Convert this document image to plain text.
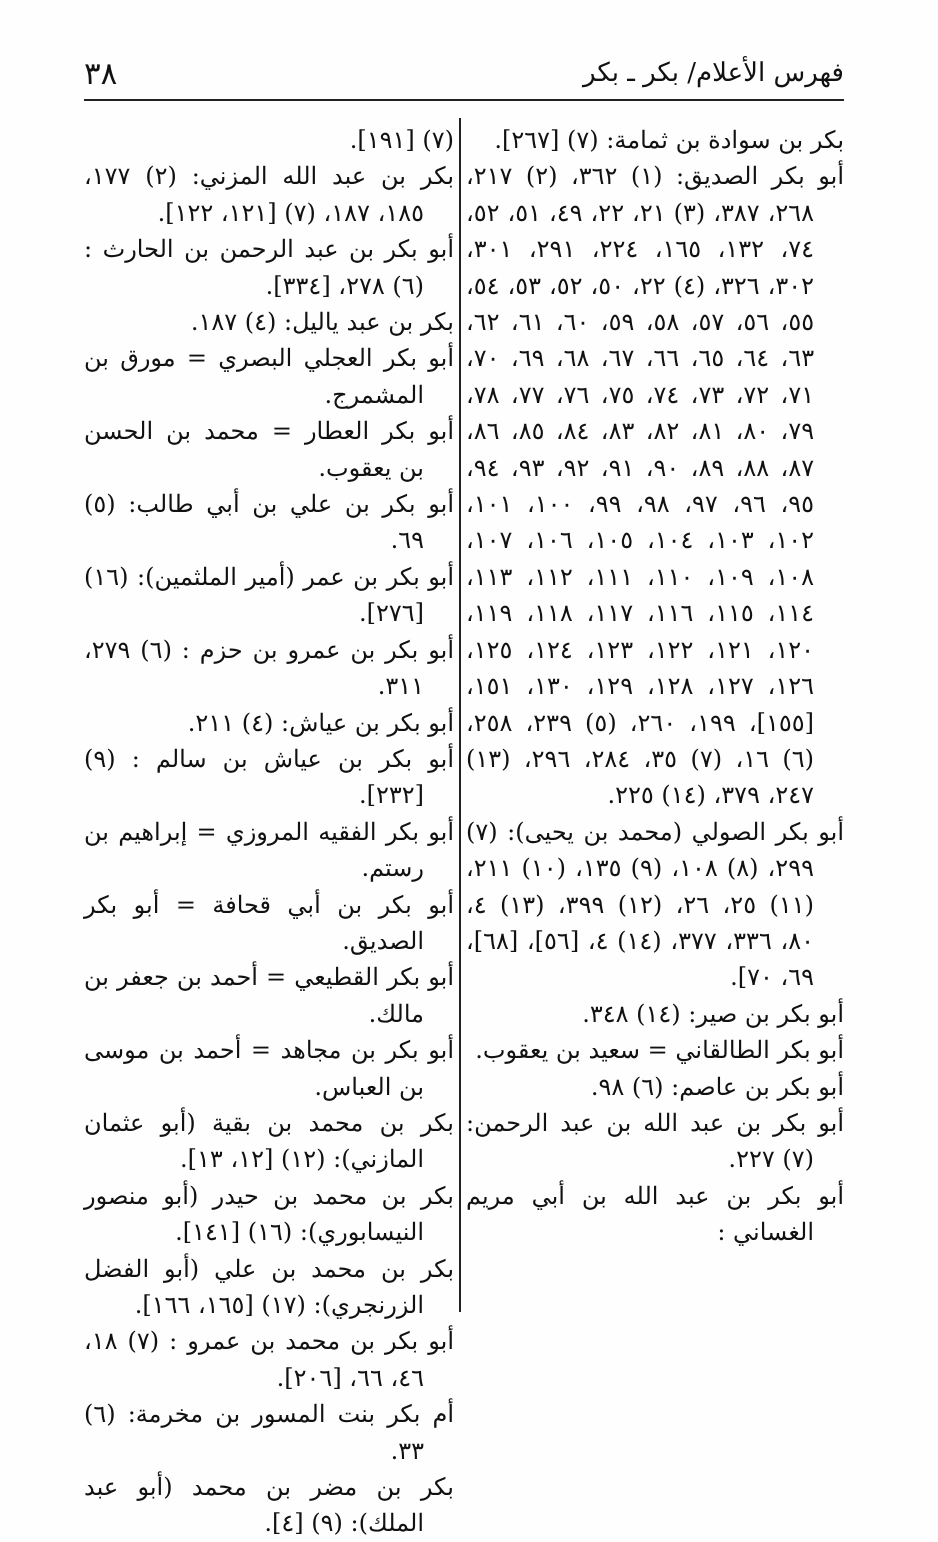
٣٨	فهرس الأعلام/ بكر ـ بكر

بكر بن سوادة بن ثمامة: (٧) [٢٦٧].

أبو بكر الصديق: (١) ٣٦٢، (٢) ٢١٧، ٢٦٨، ٣٨٧، (٣) ٢١، ٢٢، ٤٩، ٥١، ٥٢، ٧٤، ١٣٢، ١٦٥، ٢٢٤، ٢٩١، ٣٠١، ٣٠٢، ٣٢٦، (٤) ٢٢، ٥٠، ٥٢، ٥٣، ٥٤، ٥٥، ٥٦، ٥٧، ٥٨، ٥٩، ٦٠، ٦١، ٦٢، ٦٣، ٦٤، ٦٥، ٦٦، ٦٧، ٦٨، ٦٩، ٧٠، ٧١، ٧٢، ٧٣، ٧٤، ٧٥، ٧٦، ٧٧، ٧٨، ٧٩، ٨٠، ٨١، ٨٢، ٨٣، ٨٤، ٨٥، ٨٦، ٨٧، ٨٨، ٨٩، ٩٠، ٩١، ٩٢، ٩٣، ٩٤، ٩٥، ٩٦، ٩٧، ٩٨، ٩٩، ١٠٠، ١٠١، ١٠٢، ١٠٣، ١٠٤، ١٠٥، ١٠٦، ١٠٧، ١٠٨، ١٠٩، ١١٠، ١١١، ١١٢، ١١٣، ١١٤، ١١٥، ١١٦، ١١٧، ١١٨، ١١٩، ١٢٠، ١٢١، ١٢٢، ١٢٣، ١٢٤، ١٢٥، ١٢٦، ١٢٧، ١٢٨، ١٢٩، ١٣٠، ١٥١، [١٥٥]، ١٩٩، ٢٦٠، (٥) ٢٣٩، ٢٥٨، (٦) ١٦، (٧) ٣٥، ٢٨٤، ٢٩٦، (١٣) ٢٤٧، ٣٧٩، (١٤) ٢٢٥.

أبو بكر الصولي (محمد بن يحيى): (٧) ٢٩٩، (٨) ١٠٨، (٩) ١٣٥، (١٠) ٢١١، (١١) ٢٥، ٢٦، (١٢) ٣٩٩، (١٣) ٤، ٨٠، ٣٣٦، ٣٧٧، (١٤) ٤، [٥٦]، [٦٨]، ٦٩، ٧٠].

أبو بكر بن صير: (١٤) ٣٤٨.

أبو بكر الطالقاني = سعيد بن يعقوب.

أبو بكر بن عاصم: (٦) ٩٨.

أبو بكر بن عبد الله بن عبد الرحمن: (٧) ٢٢٧.

أبو بكر بن عبد الله بن أبي مريم الغساني :

(٧) [١٩١].

بكر بن عبد الله المزني: (٢) ١٧٧، ١٨٥، ١٨٧، (٧) [١٢١، ١٢٢].

أبو بكر بن عبد الرحمن بن الحارث : (٦) ٢٧٨، [٣٣٤].

بكر بن عبد ياليل: (٤) ١٨٧.

أبو بكر العجلي البصري = مورق بن المشمرج.

أبو بكر العطار = محمد بن الحسن بن يعقوب.

أبو بكر بن علي بن أبي طالب: (٥) ٦٩.

أبو بكر بن عمر (أمير الملثمين): (١٦) [٢٧٦].

أبو بكر بن عمرو بن حزم : (٦) ٢٧٩، ٣١١.

أبو بكر بن عياش: (٤) ٢١١.

أبو بكر بن عياش بن سالم : (٩) [٢٣٢].

أبو بكر الفقيه المروزي = إبراهيم بن رستم.

أبو بكر بن أبي قحافة = أبو بكر الصديق.

أبو بكر القطيعي = أحمد بن جعفر بن مالك.

أبو بكر بن مجاهد = أحمد بن موسى بن العباس.

بكر بن محمد بن بقية (أبو عثمان المازني): (١٢) [١٢، ١٣].

بكر بن محمد بن حيدر (أبو منصور النيسابوري): (١٦) [١٤١].

بكر بن محمد بن علي (أبو الفضل الزرنجري): (١٧) [١٦٥، ١٦٦].

أبو بكر بن محمد بن عمرو : (٧) ١٨، ٤٦، ٦٦، [٢٠٦].

أم بكر بنت المسور بن مخرمة: (٦) ٣٣.

بكر بن مضر بن محمد (أبو عبد الملك): (٩) [٤].
